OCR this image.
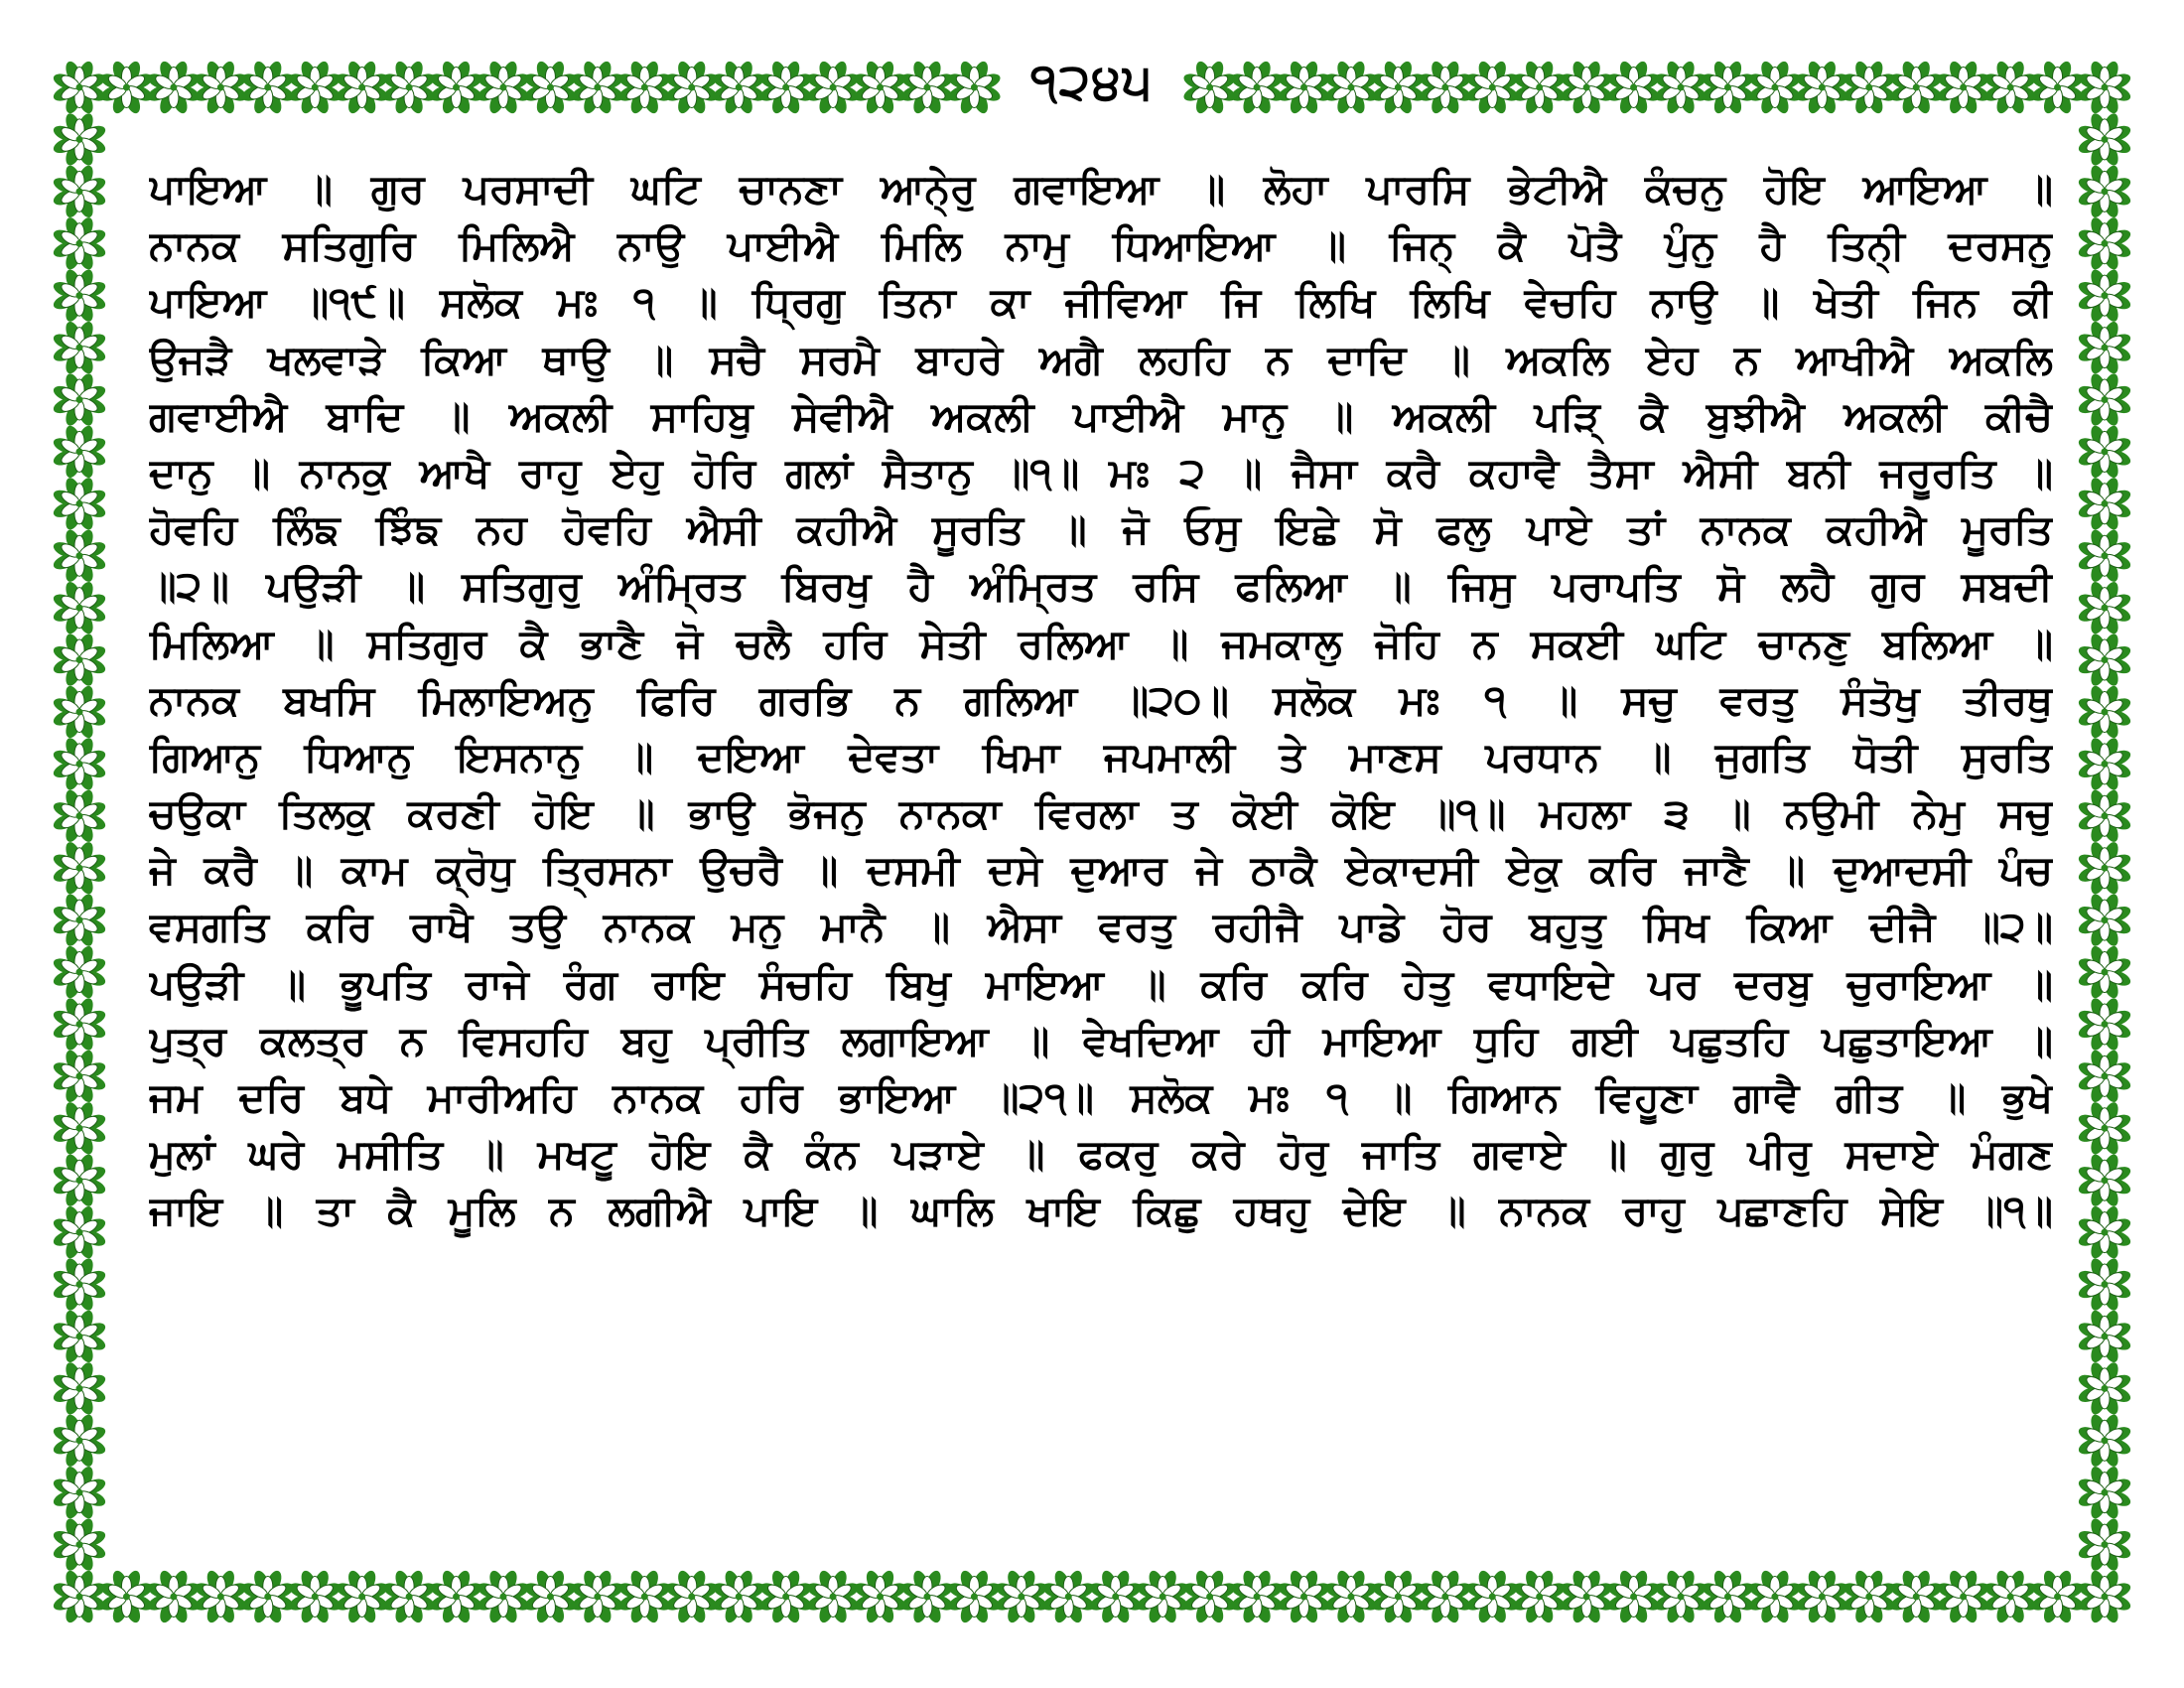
੧੨੪੫
ਪਾਇਆ ॥ ਗੁਰ ਪਰਸਾਦੀ ਘਟਿ ਚਾਨਣਾ ਆਨੇ੍ਰੁ ਗਵਾਇਆ ॥ ਲੋਹਾ ਪਾਰਸਿ ਭੇਟੀਐ ਕੰਚਨੁ ਹੋਇ ਆਇਆ ॥
ਨਾਨਕ ਸਤਿਗੁਰਿ ਮਿਲਿਐ ਨਾਉ ਪਾਈਐ ਮਿਲਿ ਨਾਮੁ ਧਿਆਇਆ ॥ ਜਿਨ੍ ਕੈ ਪੋਤੈ ਪੁੰਨੁ ਹੈ ਤਿਨੀ੍ ਦਰਸਨੁ
ਪਾਇਆ ॥੧੯॥ ਸਲੋਕ ਮਃ ੧ ॥ ਧ੍ਰਿਗੁ ਤਿਨਾ ਕਾ ਜੀਵਿਆ ਜਿ ਲਿਖਿ ਲਿਖਿ ਵੇਚਹਿ ਨਾਉ ॥ ਖੇਤੀ ਜਿਨ ਕੀ
ਉਜੜੈ ਖਲਵਾੜੇ ਕਿਆ ਥਾਉ ॥ ਸਚੈ ਸਰਮੈ ਬਾਹਰੇ ਅਗੈ ਲਹਹਿ ਨ ਦਾਦਿ ॥ ਅਕਲਿ ਏਹ ਨ ਆਖੀਐ ਅਕਲਿ
ਗਵਾਈਐ ਬਾਦਿ ॥ ਅਕਲੀ ਸਾਹਿਬੁ ਸੇਵੀਐ ਅਕਲੀ ਪਾਈਐ ਮਾਨੁ ॥ ਅਕਲੀ ਪੜਿ੍ ਕੈ ਬੁਝੀਐ ਅਕਲੀ ਕੀਚੈ
ਦਾਨੁ ॥ ਨਾਨਕੁ ਆਖੈ ਰਾਹੁ ਏਹੁ ਹੋਰਿ ਗਲਾਂ ਸੈਤਾਨੁ ॥੧॥ ਮਃ ੨ ॥ ਜੈਸਾ ਕਰੈ ਕਹਾਵੈ ਤੈਸਾ ਐਸੀ ਬਨੀ ਜਰੂਰਤਿ ॥
ਹੋਵਹਿ ਲਿੰਙ ਝਿੰਙ ਨਹ ਹੋਵਹਿ ਐਸੀ ਕਹੀਐ ਸੂਰਤਿ ॥ ਜੋ ਓਸੁ ਇਛੇ ਸੋ ਫਲੁ ਪਾਏ ਤਾਂ ਨਾਨਕ ਕਹੀਐ ਮੂਰਤਿ
॥੨॥ ਪਉੜੀ ॥ ਸਤਿਗੁਰੁ ਅੰਮ੍ਰਿਤ ਬਿਰਖੁ ਹੈ ਅੰਮ੍ਰਿਤ ਰਸਿ ਫਲਿਆ ॥ ਜਿਸੁ ਪਰਾਪਤਿ ਸੋ ਲਹੈ ਗੁਰ ਸਬਦੀ
ਮਿਲਿਆ ॥ ਸਤਿਗੁਰ ਕੈ ਭਾਣੈ ਜੋ ਚਲੈ ਹਰਿ ਸੇਤੀ ਰਲਿਆ ॥ ਜਮਕਾਲੁ ਜੋਹਿ ਨ ਸਕਈ ਘਟਿ ਚਾਨਣੁ ਬਲਿਆ ॥
ਨਾਨਕ ਬਖਸਿ ਮਿਲਾਇਅਨੁ ਫਿਰਿ ਗਰਭਿ ਨ ਗਲਿਆ ॥੨੦॥ ਸਲੋਕ ਮਃ ੧ ॥ ਸਚੁ ਵਰਤੁ ਸੰਤੋਖੁ ਤੀਰਥੁ
ਗਿਆਨੁ ਧਿਆਨੁ ਇਸਨਾਨੁ ॥ ਦਇਆ ਦੇਵਤਾ ਖਿਮਾ ਜਪਮਾਲੀ ਤੇ ਮਾਣਸ ਪਰਧਾਨ ॥ ਜੁਗਤਿ ਧੋਤੀ ਸੁਰਤਿ
ਚਉਕਾ ਤਿਲਕੁ ਕਰਣੀ ਹੋਇ ॥ ਭਾਉ ਭੋਜਨੁ ਨਾਨਕਾ ਵਿਰਲਾ ਤ ਕੋਈ ਕੋਇ ॥੧॥ ਮਹਲਾ ੩ ॥ ਨਉਮੀ ਨੇਮੁ ਸਚੁ
ਜੇ ਕਰੈ ॥ ਕਾਮ ਕ੍ਰੋਧੁ ਤ੍ਰਿਸਨਾ ਉਚਰੈ ॥ ਦਸਮੀ ਦਸੇ ਦੁਆਰ ਜੇ ਠਾਕੈ ਏਕਾਦਸੀ ਏਕੁ ਕਰਿ ਜਾਣੈ ॥ ਦੁਆਦਸੀ ਪੰਚ
ਵਸਗਤਿ ਕਰਿ ਰਾਖੈ ਤਉ ਨਾਨਕ ਮਨੁ ਮਾਨੈ ॥ ਐਸਾ ਵਰਤੁ ਰਹੀਜੈ ਪਾਡੇ ਹੋਰ ਬਹੁਤੁ ਸਿਖ ਕਿਆ ਦੀਜੈ ॥੨॥
ਪਉੜੀ ॥ ਭੂਪਤਿ ਰਾਜੇ ਰੰਗ ਰਾਇ ਸੰਚਹਿ ਬਿਖੁ ਮਾਇਆ ॥ ਕਰਿ ਕਰਿ ਹੇਤੁ ਵਧਾਇਦੇ ਪਰ ਦਰਬੁ ਚੁਰਾਇਆ ॥
ਪੁਤ੍ਰ ਕਲਤ੍ਰ ਨ ਵਿਸਹਹਿ ਬਹੁ ਪ੍ਰੀਤਿ ਲਗਾਇਆ ॥ ਵੇਖਦਿਆ ਹੀ ਮਾਇਆ ਧੁਹਿ ਗਈ ਪਛੁਤਹਿ ਪਛੁਤਾਇਆ ॥
ਜਮ ਦਰਿ ਬਧੇ ਮਾਰੀਅਹਿ ਨਾਨਕ ਹਰਿ ਭਾਇਆ ॥੨੧॥ ਸਲੋਕ ਮਃ ੧ ॥ ਗਿਆਨ ਵਿਹੂਣਾ ਗਾਵੈ ਗੀਤ ॥ ਭੁਖੇ
ਮੁਲਾਂ ਘਰੇ ਮਸੀਤਿ ॥ ਮਖਟੂ ਹੋਇ ਕੈ ਕੰਨ ਪੜਾਏ ॥ ਫਕਰੁ ਕਰੇ ਹੋਰੁ ਜਾਤਿ ਗਵਾਏ ॥ ਗੁਰੁ ਪੀਰੁ ਸਦਾਏ ਮੰਗਣ
ਜਾਇ ॥ ਤਾ ਕੈ ਮੂਲਿ ਨ ਲਗੀਐ ਪਾਇ ॥ ਘਾਲਿ ਖਾਇ ਕਿਛੁ ਹਥਹੁ ਦੇਇ ॥ ਨਾਨਕ ਰਾਹੁ ਪਛਾਣਹਿ ਸੇਇ ॥੧॥
